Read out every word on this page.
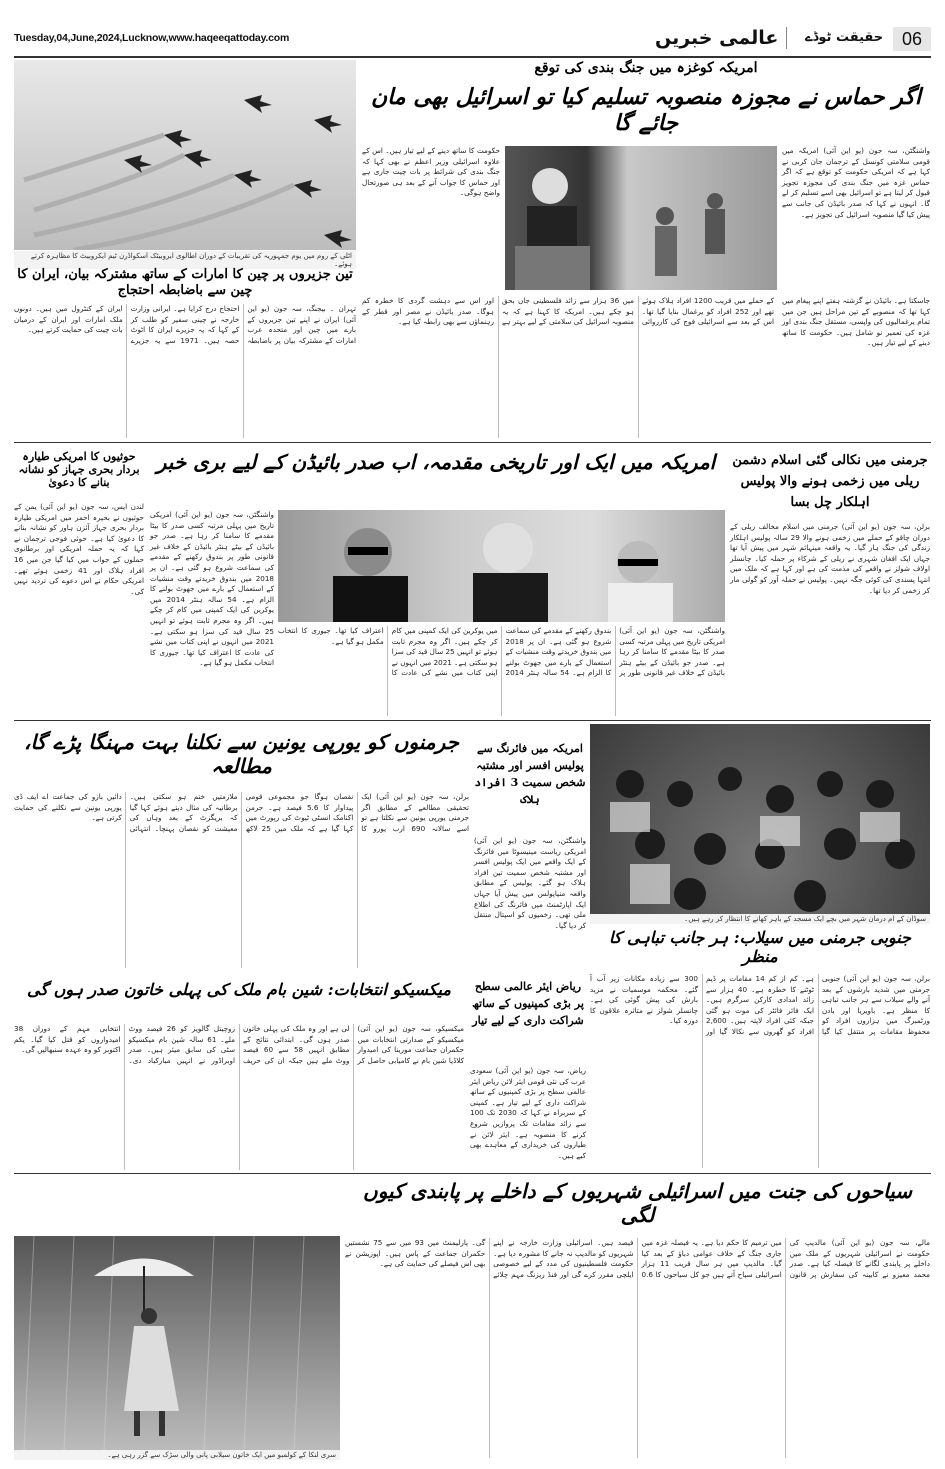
Tuesday,04,June,2024,Lucknow,www.haqeeqattoday.com	06
حقیقت ٹوڈے
عالمی خبریں
اٹلی کے روم میں یوم جمہوریہ کی تقریبات کے دوران اطالوی ایروبیٹک اسکواڈرن ٹیم ایکروبیٹ کا مظاہرہ کرتے ہوئے۔
تین جزیروں پر چین کا امارات کے ساتھ مشترکہ بیان، ایران کا چین سے باضابطہ احتجاج
تہران ۔ بیجنگ، سہ جون (یو این آئی) ایران نے اپنے تین جزیروں کے بارے میں چین اور متحدہ عرب امارات کے مشترکہ بیان پر باضابطہ احتجاج درج کرایا ہے۔ ایرانی وزارت خارجہ نے چینی سفیر کو طلب کر کے کہا کہ یہ جزیرے ایران کا اٹوٹ حصہ ہیں۔ 1971 سے یہ جزیرے ایران کے کنٹرول میں ہیں۔ دونوں ملک امارات اور ایران کے درمیان بات چیت کی حمایت کرتے ہیں۔
امریکہ کوغزہ میں جنگ بندی کی توقع
اگر حماس نے مجوزہ منصوبہ تسلیم کیا تو اسرائیل بھی مان جائے گا
واشنگٹن، سہ جون (یو این آئی) امریکہ میں قومی سلامتی کونسل کے ترجمان جان کربی نے کہا ہے کہ امریکی حکومت کو توقع ہے کہ اگر حماس غزہ میں جنگ بندی کی مجوزہ تجویز قبول کر لیتا ہے تو اسرائیل بھی اسے تسلیم کر لے گا۔ انہوں نے کہا کہ صدر بائیڈن کی جانب سے پیش کیا گیا منصوبہ اسرائیل کی تجویز ہے۔
حکومت کا ساتھ دینے کے لیے تیار ہیں۔ اس کے علاوہ اسرائیلی وزیر اعظم نے بھی کہا کہ جنگ بندی کی شرائط پر بات چیت جاری ہے اور حماس کا جواب آنے کے بعد ہی صورتحال واضح ہوگی۔
جاسکتا ہے۔ بائیڈن نے گزشتہ ہفتے اپنے پیغام میں کہا تھا کہ منصوبے کے تین مراحل ہیں جن میں تمام یرغمالیوں کی واپسی، مستقل جنگ بندی اور غزہ کی تعمیر نو شامل ہیں۔ حکومت کا ساتھ دینے کے لیے تیار ہیں۔
کے حملے میں قریب 1200 افراد ہلاک ہوئے تھے اور 252 افراد کو یرغمال بنایا گیا تھا۔ اس کے بعد سے اسرائیلی فوج کی کارروائی میں 36 ہزار سے زائد فلسطینی جاں بحق ہو چکے ہیں۔ امریکہ کا کہنا ہے کہ یہ منصوبہ اسرائیل کی سلامتی کے لیے بہتر ہے اور اس سے دہشت گردی کا خطرہ کم ہوگا۔ صدر بائیڈن نے مصر اور قطر کے رہنماؤں سے بھی رابطہ کیا ہے۔
حوثیوں کا امریکی طیارہ بردار بحری جہاز کو نشانہ بنانے کا دعویٰ
لندن ایس، سہ جون (یو این آئی) یمن کے حوثیوں نے بحیرہ احمر میں امریکی طیارہ بردار بحری جہاز آئزن ہاور کو نشانہ بنانے کا دعویٰ کیا ہے۔ حوثی فوجی ترجمان نے کہا کہ یہ حملہ امریکی اور برطانوی حملوں کے جواب میں کیا گیا جن میں 16 افراد ہلاک اور 41 زخمی ہوئے تھے۔ امریکی حکام نے اس دعوے کی تردید نہیں کی۔
امریکہ میں ایک اور تاریخی مقدمہ، اب صدر بائیڈن کے لیے بری خبر
واشنگٹن، سہ جون (یو این آئی) امریکی تاریخ میں پہلی مرتبہ کسی صدر کا بیٹا مقدمے کا سامنا کر رہا ہے۔ صدر جو بائیڈن کے بیٹے ہنٹر بائیڈن کے خلاف غیر قانونی طور پر بندوق رکھنے کے مقدمے کی سماعت شروع ہو گئی ہے۔ ان پر 2018 میں بندوق خریدتے وقت منشیات کے استعمال کے بارے میں جھوٹ بولنے کا الزام ہے۔ 54 سالہ ہنٹر 2014 میں یوکرین کی ایک کمپنی میں کام کر چکے ہیں۔ اگر وہ مجرم ثابت ہوئے تو انہیں 25 سال قید کی سزا ہو سکتی ہے۔ 2021 میں انہوں نے اپنی کتاب میں نشے کی عادت کا اعتراف کیا تھا۔ جیوری کا انتخاب مکمل ہو گیا ہے۔
واشنگٹن، سہ جون (یو این آئی) امریکی تاریخ میں پہلی مرتبہ کسی صدر کا بیٹا مقدمے کا سامنا کر رہا ہے۔ صدر جو بائیڈن کے بیٹے ہنٹر بائیڈن کے خلاف غیر قانونی طور پر بندوق رکھنے کے مقدمے کی سماعت شروع ہو گئی ہے۔ ان پر 2018 میں بندوق خریدتے وقت منشیات کے استعمال کے بارے میں جھوٹ بولنے کا الزام ہے۔ 54 سالہ ہنٹر 2014 میں یوکرین کی ایک کمپنی میں کام کر چکے ہیں۔ اگر وہ مجرم ثابت ہوئے تو انہیں 25 سال قید کی سزا ہو سکتی ہے۔ 2021 میں انہوں نے اپنی کتاب میں نشے کی عادت کا اعتراف کیا تھا۔ جیوری کا انتخاب مکمل ہو گیا ہے۔
جرمنی میں نکالی گئی اسلام دشمن ریلی میں زخمی ہونے والا پولیس اہلکار چل بسا
برلن، سہ جون (یو این آئی) جرمنی میں اسلام مخالف ریلی کے دوران چاقو کے حملے میں زخمی ہونے والا 29 سالہ پولیس اہلکار زندگی کی جنگ ہار گیا۔ یہ واقعہ مینہائم شہر میں پیش آیا تھا جہاں ایک افغان شہری نے ریلی کے شرکاء پر حملہ کیا۔ چانسلر اولاف شولز نے واقعے کی مذمت کی ہے اور کہا ہے کہ ملک میں انتہا پسندی کی کوئی جگہ نہیں۔ پولیس نے حملہ آور کو گولی مار کر زخمی کر دیا تھا۔
جرمنوں کو یورپی یونین سے نکلنا بہت مہنگا پڑے گا، مطالعہ
برلن، سہ جون (یو این آئی) ایک تحقیقی مطالعے کے مطابق اگر جرمنی یورپی یونین سے نکلتا ہے تو اسے سالانہ 690 ارب یورو کا نقصان ہوگا جو مجموعی قومی پیداوار کا 5.6 فیصد ہے۔ جرمن اکنامک انسٹی ٹیوٹ کی رپورٹ میں کہا گیا ہے کہ ملک میں 25 لاکھ ملازمتیں ختم ہو سکتی ہیں۔ برطانیہ کی مثال دیتے ہوئے کہا گیا کہ بریگزٹ کے بعد وہاں کی معیشت کو نقصان پہنچا۔ انتہائی دائیں بازو کی جماعت اے ایف ڈی یورپی یونین سے نکلنے کی حمایت کرتی ہے۔
امریکہ میں فائرنگ سے پولیس افسر اور مشتبہ شخص سمیت 3 افراد ہلاک
واشنگٹن، سہ جون (یو این آئی) امریکی ریاست مینیسوٹا میں فائرنگ کے ایک واقعے میں ایک پولیس افسر اور مشتبہ شخص سمیت تین افراد ہلاک ہو گئے۔ پولیس کے مطابق واقعہ منیاپولس میں پیش آیا جہاں ایک اپارٹمنٹ میں فائرنگ کی اطلاع ملی تھی۔ زخمیوں کو اسپتال منتقل کر دیا گیا۔
سوڈان کے ام درمان شہر میں بچے ایک مسجد کے باہر کھانے کا انتظار کر رہے ہیں۔
جنوبی جرمنی میں سیلاب: ہر جانب تباہی کا منظر
برلن، سہ جون (یو این آئی) جنوبی جرمنی میں شدید بارشوں کے بعد آنے والے سیلاب سے ہر جانب تباہی کا منظر ہے۔ باویریا اور بادن ورٹمبرگ میں ہزاروں افراد کو محفوظ مقامات پر منتقل کیا گیا ہے۔ کم از کم 14 مقامات پر ڈیم ٹوٹنے کا خطرہ ہے۔ 40 ہزار سے زائد امدادی کارکن سرگرم ہیں۔ ایک فائر فائٹر کی موت ہو گئی جبکہ کئی افراد لاپتہ ہیں۔ 2,600 افراد کو گھروں سے نکالا گیا اور 300 سے زیادہ مکانات زیر آب آ گئے۔ محکمہ موسمیات نے مزید بارش کی پیش گوئی کی ہے۔ چانسلر شولز نے متاثرہ علاقوں کا دورہ کیا۔
میکسیکو انتخابات: شین بام ملک کی پہلی خاتون صدر ہوں گی
میکسیکو، سہ جون (یو این آئی) میکسیکو کے صدارتی انتخابات میں حکمران جماعت مورینا کی امیدوار کلاڈیا شین بام نے کامیابی حاصل کر لی ہے اور وہ ملک کی پہلی خاتون صدر ہوں گی۔ ابتدائی نتائج کے مطابق انہیں 58 سے 60 فیصد ووٹ ملے ہیں جبکہ ان کی حریف زوچیتل گالویز کو 26 فیصد ووٹ ملے۔ 61 سالہ شین بام میکسیکو سٹی کی سابق میئر ہیں۔ صدر اوبراڈور نے انہیں مبارکباد دی۔ انتخابی مہم کے دوران 38 امیدواروں کو قتل کیا گیا۔ یکم اکتوبر کو وہ عہدہ سنبھالیں گی۔
ریاض ایئر عالمی سطح پر بڑی کمپنیوں کے ساتھ شراکت داری کے لیے تیار
ریاض، سہ جون (یو این آئی) سعودی عرب کی نئی قومی ایئر لائن ریاض ایئر عالمی سطح پر بڑی کمپنیوں کے ساتھ شراکت داری کے لیے تیار ہے۔ کمپنی کے سربراہ نے کہا کہ 2030 تک 100 سے زائد مقامات تک پروازیں شروع کرنے کا منصوبہ ہے۔ ایئر لائن نے طیاروں کی خریداری کے معاہدے بھی کیے ہیں۔
سیاحوں کی جنت میں اسرائیلی شہریوں کے داخلے پر پابندی کیوں لگی
مالے، سہ جون (یو این آئی) مالدیپ کی حکومت نے اسرائیلی شہریوں کے ملک میں داخلے پر پابندی لگانے کا فیصلہ کیا ہے۔ صدر محمد معیزو نے کابینہ کی سفارش پر قانون میں ترمیم کا حکم دیا ہے۔ یہ فیصلہ غزہ میں جاری جنگ کے خلاف عوامی دباؤ کے بعد کیا گیا۔ مالدیپ میں ہر سال قریب 11 ہزار اسرائیلی سیاح آتے ہیں جو کل سیاحوں کا 0.6 فیصد ہیں۔ اسرائیلی وزارت خارجہ نے اپنے شہریوں کو مالدیپ نہ جانے کا مشورہ دیا ہے۔ حکومت فلسطینیوں کی مدد کے لیے خصوصی ایلچی مقرر کرے گی اور فنڈ ریزنگ مہم چلائے گی۔ پارلیمنٹ میں 93 میں سے 75 نشستیں حکمران جماعت کے پاس ہیں۔ اپوزیشن نے بھی اس فیصلے کی حمایت کی ہے۔
سری لنکا کے کولمبو میں ایک خاتون سیلابی پانی والی سڑک سے گزر رہی ہے۔
